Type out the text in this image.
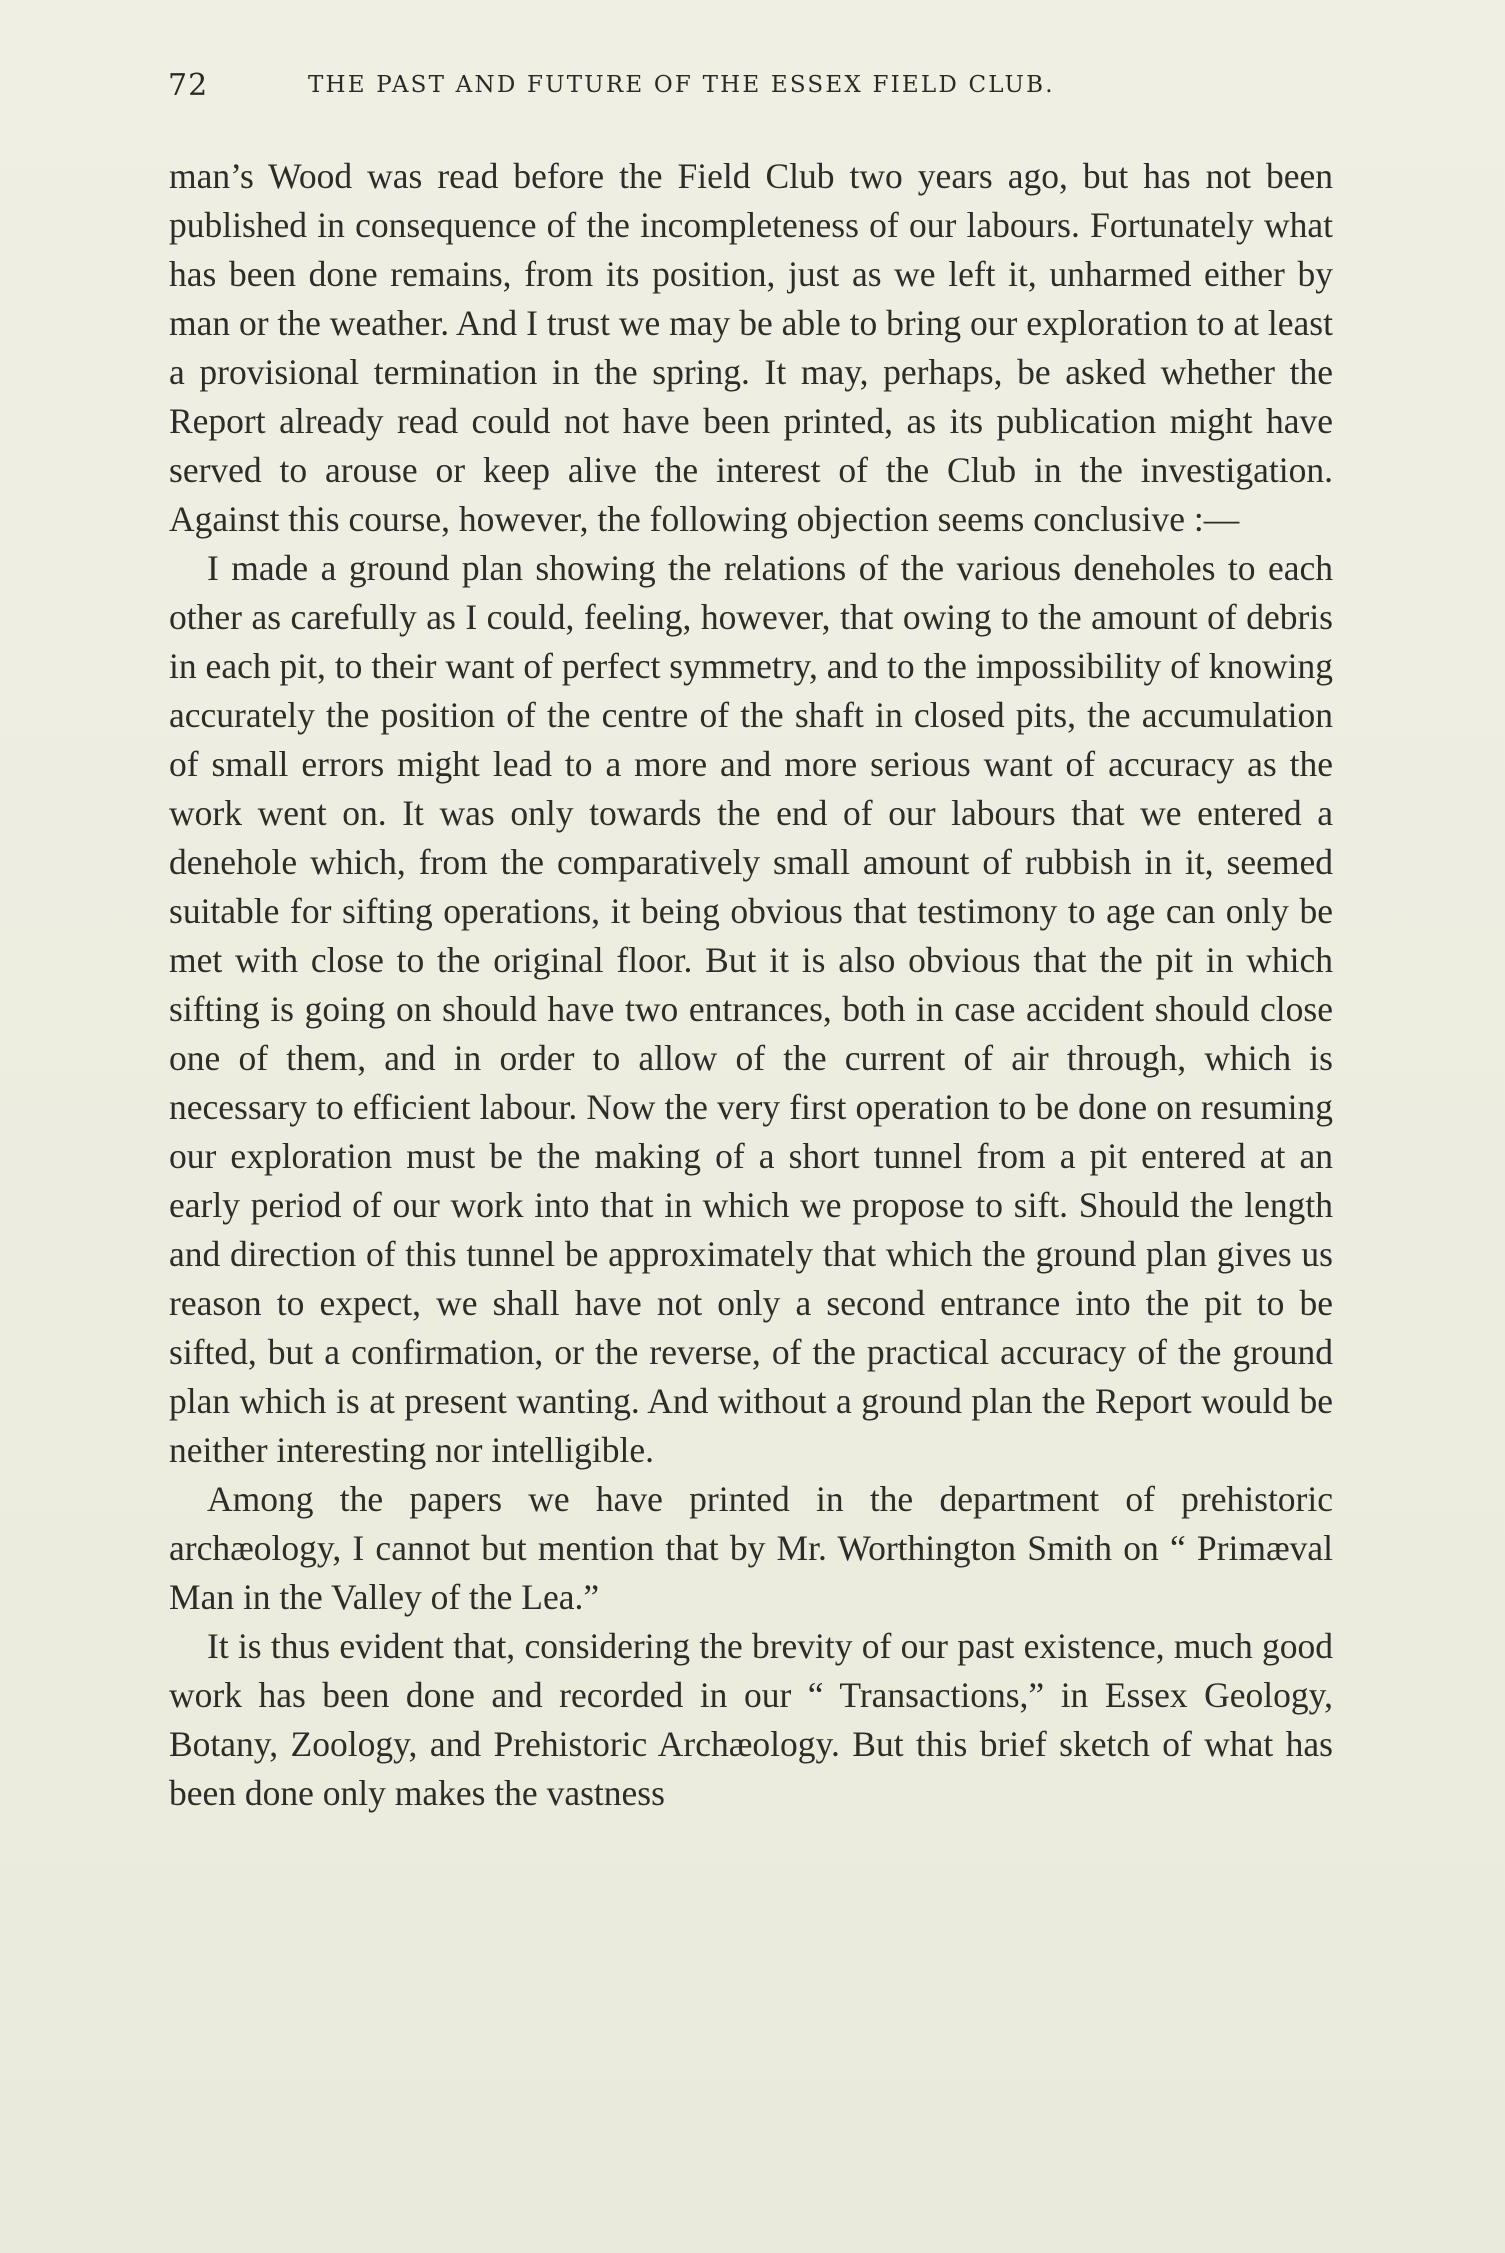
72	THE PAST AND FUTURE OF THE ESSEX FIELD CLUB.

man’s Wood was read before the Field Club two years ago, but has not been published in consequence of the incompleteness of our labours. Fortunately what has been done remains, from its position, just as we left it, unharmed either by man or the weather. And I trust we may be able to bring our exploration to at least a provisional termination in the spring. It may, perhaps, be asked whether the Report already read could not have been printed, as its publication might have served to arouse or keep alive the interest of the Club in the investigation. Against this course, however, the following objection seems conclusive :—

I made a ground plan showing the relations of the various deneholes to each other as carefully as I could, feeling, however, that owing to the amount of debris in each pit, to their want of perfect symmetry, and to the impossibility of knowing accurately the position of the centre of the shaft in closed pits, the accumulation of small errors might lead to a more and more serious want of accuracy as the work went on. It was only towards the end of our labours that we entered a denehole which, from the comparatively small amount of rubbish in it, seemed suitable for sifting operations, it being obvious that testimony to age can only be met with close to the original floor. But it is also obvious that the pit in which sifting is going on should have two entrances, both in case accident should close one of them, and in order to allow of the current of air through, which is necessary to efficient labour. Now the very first operation to be done on resuming our exploration must be the making of a short tunnel from a pit entered at an early period of our work into that in which we propose to sift. Should the length and direction of this tunnel be approximately that which the ground plan gives us reason to expect, we shall have not only a second entrance into the pit to be sifted, but a confirmation, or the reverse, of the practical accuracy of the ground plan which is at present wanting. And without a ground plan the Report would be neither interesting nor intelligible.

Among the papers we have printed in the department of prehistoric archæology, I cannot but mention that by Mr. Worthington Smith on “ Primæval Man in the Valley of the Lea.”

It is thus evident that, considering the brevity of our past existence, much good work has been done and recorded in our “ Transactions,” in Essex Geology, Botany, Zoology, and Prehistoric Archæology. But this brief sketch of what has been done only makes the vastness
